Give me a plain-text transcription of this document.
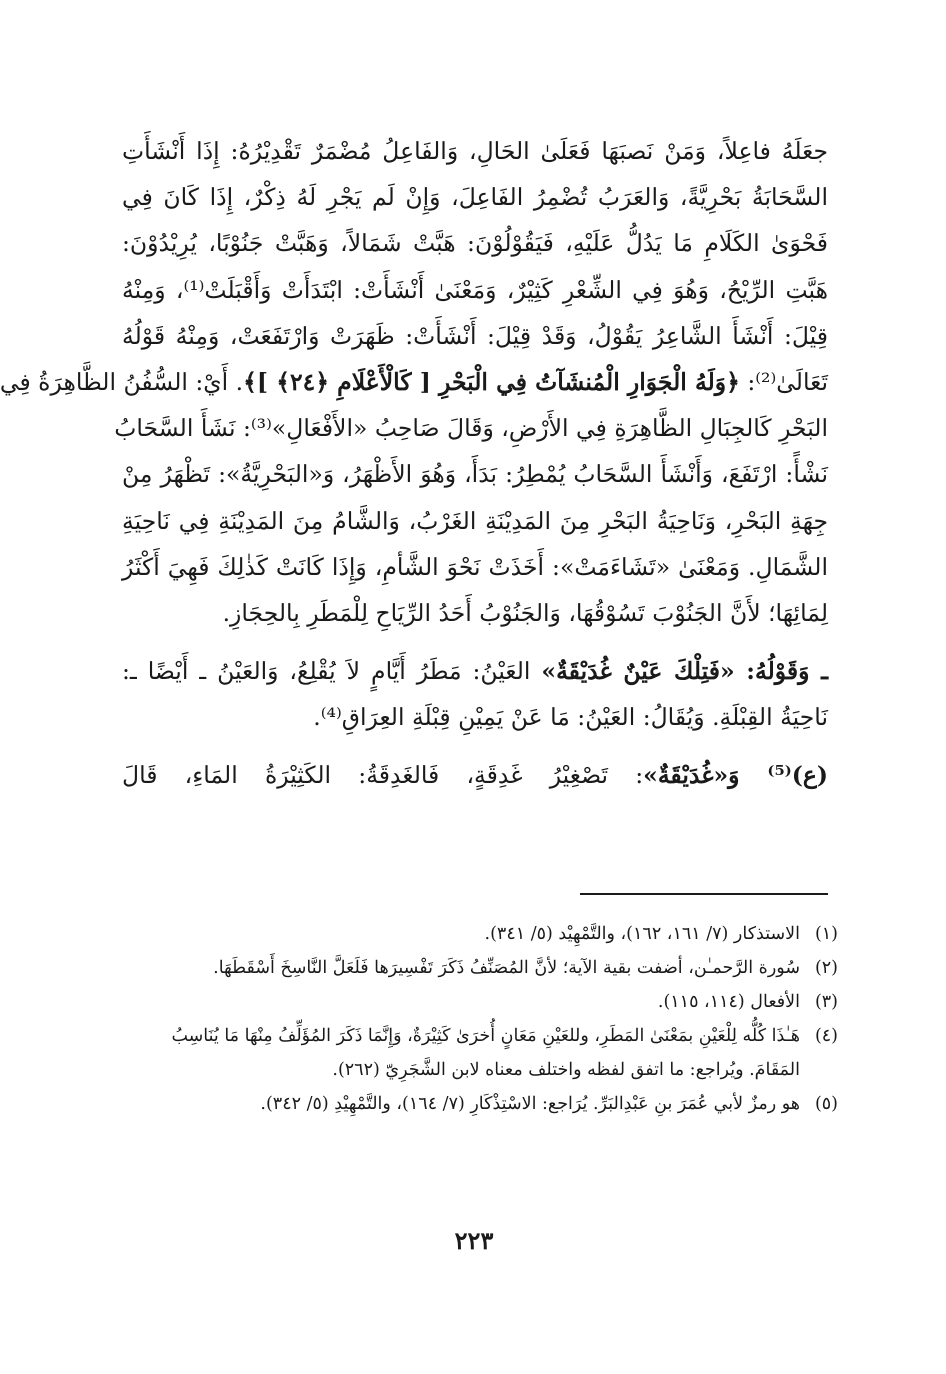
جعَلَهُ فاعِلاً، وَمَنْ نَصبَهَا فَعَلَىٰ الحَالِ، وَالفَاعِلُ مُضْمَرٌ تَقْدِيْرُهُ: إِذَا أَنْشَأَتِ
السَّحَابَةُ بَحْرِيَّةً، وَالعَرَبُ تُضْمِرُ الفَاعِلَ، وَإِنْ لَم يَجْرِ لَهُ ذِكْرٌ، إِذَا كَانَ فِي
فَحْوَىٰ الكَلَامِ مَا يَدُلُّ عَلَيْهِ، فَيَقُوْلُوْنَ: هَبَّتْ شَمَالاً، وَهَبَّتْ جَنُوْبًا، يُرِيْدُوْنَ:
هَبَّتِ الرِّيْحُ، وَهُوَ فِي الشِّعْرِ كَثِيْرٌ، وَمَعْنَىٰ أَنْشَأَتْ: ابْتَدَأَتْ وَأَقْبَلَتْ⁽¹⁾، وَمِنْهُ
قِيْلَ: أَنْشَأَ الشَّاعِرُ يَقُوْلُ، وَقَدْ قِيْلَ: أَنْشَأَتْ: ظَهَرَتْ وَارْتَفَعَتْ، وَمِنْهُ قَوْلُهُ
تَعَالَىٰ⁽²⁾: ﴿وَلَهُ الْجَوَارِ الْمُنشَآتُ فِي الْبَحْرِ [ كَالْأَعْلَامِ ﴿٢٤﴾ ]﴾. أَيْ: السُّفُنُ الظَّاهِرَةُ فِي
البَحْرِ كَالجِبَالِ الظَّاهِرَةِ فِي الأَرْضِ، وَقَالَ صَاحِبُ «الأَفْعَالِ»⁽³⁾: نَشَأَ السَّحَابُ
نَشْأً: ارْتَفَعَ، وَأَنْشَأَ السَّحَابُ يُمْطِرُ: بَدَأَ، وَهُوَ الأَظْهَرُ، وَ«البَحْرِيَّةُ»: تَظْهَرُ مِنْ
جِهَةِ البَحْرِ، وَنَاحِيَةُ البَحْرِ مِنَ المَدِيْنَةِ الغَرْبُ، وَالشَّامُ مِنَ المَدِيْنَةِ فِي نَاحِيَةِ
الشَّمَالِ. وَمَعْنَىٰ «تَشَاءَمَتْ»: أَخَذَتْ نَحْوَ الشَّأمِ، وَإِذَا كَانَتْ كَذٰلِكَ فَهِيَ أَكْثَرُ
لِمَائِهَا؛ لأَنَّ الجَنُوْبَ تَسُوْقُهَا، وَالجَنُوْبُ أَحَدُ الرِّيَاحِ لِلْمَطَرِ بِالحِجَازِ.
ـ وَقَوْلُهُ: «فَتِلْكَ عَيْنٌ غُدَيْقَةٌ» العَيْنُ: مَطَرُ أَيَّامٍ لاَ يُقْلِعُ، وَالعَيْنُ ـ أَيْضًا ـ:
نَاحِيَةُ القِبْلَةِ. وَيُقَالُ: العَيْنُ: مَا عَنْ يَمِيْنِ قِبْلَةِ العِرَاقِ⁽⁴⁾.
(ع)⁽⁵⁾ وَ«غُدَيْقَةٌ»: تَصْغِيْرُ غَدِقَةٍ، فَالغَدِقَةُ: الكَثِيْرَةُ المَاءِ، قَالَ
(١)
الاستذكار (٧/ ١٦١، ١٦٢)، والتَّمْهِيْد (٥/ ٣٤١).
(٢)
سُورة الرَّحمـٰن، أضفت بقية الآية؛ لأنَّ المُصَنِّفُ ذَكَرَ تَفْسِيرَها فَلَعَلَّ النَّاسِخَ أَسْقَطَهَا.
(٣)
الأفعال (١١٤، ١١٥).
(٤)
هَـٰذَا كُلُّه لِلْعَيْنِ بمَعْنَىٰ المَطَرِ، وللعَيْنِ مَعَانٍ أُخرَىٰ كَثِيْرَةٌ، وَإِنَّمَا ذَكَرَ المُؤَلِّفُ مِنْهَا مَا يُنَاسِبُ
المَقَامَ. ويُراجع: ما اتفق لفظه واختلف معناه لابن الشَّجَرِيّ (٢٦٢).
(٥)
هو رمزٌ لأبي عُمَرَ بنِ عَبْدِالبَرِّ. يُرَاجع: الاسْتِذْكَارِ (٧/ ١٦٤)، والتَّمْهِيْدِ (٥/ ٣٤٢).
٢٢٣
